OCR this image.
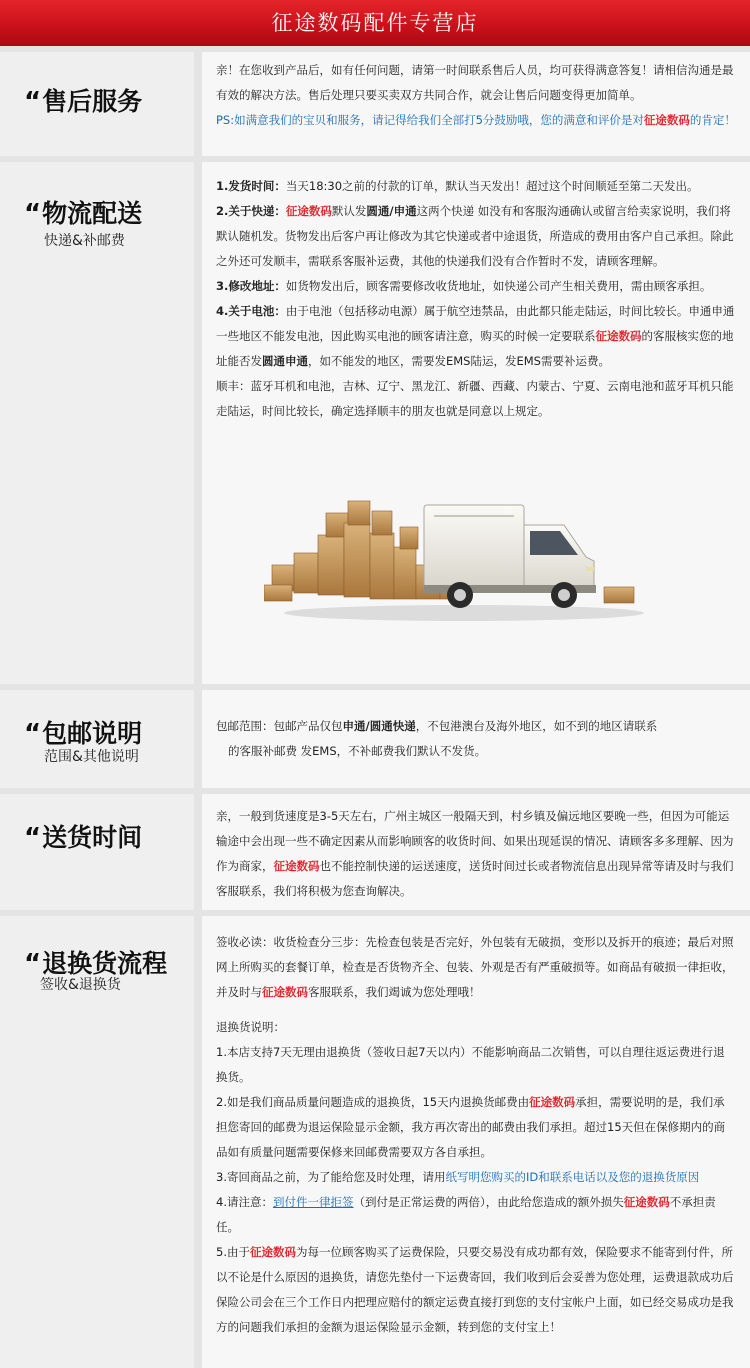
征途数码配件专营店
“售后服务

亲！在您收到产品后，如有任何问题，请第一时间联系售后人员，均可获得满意答复！请相信沟通是最有效的解决方法。售后处理只要买卖双方共同合作，就会让售后问题变得更加简单。

PS:如满意我们的宝贝和服务，请记得给我们全部打5分鼓励哦，您的满意和评价是对征途数码的肯定！

“物流配送
快递&补邮费

1.发货时间：当天18:30之前的付款的订单，默认当天发出！超过这个时间顺延至第二天发出。

2.关于快递：征途数码默认发圆通/申通这两个快递 如没有和客服沟通确认或留言给卖家说明，我们将默认随机发。货物发出后客户再让修改为其它快递或者中途退货，所造成的费用由客户自己承担。除此之外还可发顺丰，需联系客服补运费，其他的快递我们没有合作暂时不发，请顾客理解。

3.修改地址：如货物发出后，顾客需要修改收货地址，如快递公司产生相关费用，需由顾客承担。

4.关于电池：由于电池（包括移动电源）属于航空违禁品，由此都只能走陆运，时间比较长。申通申通一些地区不能发电池，因此购买电池的顾客请注意，购买的时候一定要联系征途数码的客服核实您的地址能否发圆通申通，如不能发的地区，需要发EMS陆运，发EMS需要补运费。

顺丰：蓝牙耳机和电池，吉林、辽宁、黑龙江、新疆、西藏、内蒙古、宁夏、云南电池和蓝牙耳机只能走陆运，时间比较长，确定选择顺丰的朋友也就是同意以上规定。

“包邮说明
范围&其他说明

包邮范围：包邮产品仅包申通/圆通快递，不包港澳台及海外地区，如不到的地区请联系

的客服补邮费 发EMS，不补邮费我们默认不发货。

“送货时间

亲，一般到货速度是3-5天左右，广州主城区一般隔天到，村乡镇及偏远地区要晚一些，但因为可能运输途中会出现一些不确定因素从而影响顾客的收货时间、如果出现延误的情况、请顾客多多理解、因为作为商家，征途数码也不能控制快递的运送速度，送货时间过长或者物流信息出现异常等请及时与我们客服联系，我们将积极为您查询解决。

“退换货流程
签收&退换货

签收必读：收货检查分三步：先检查包装是否完好，外包装有无破损，变形以及拆开的痕迹；最后对照网上所购买的套餐订单，检查是否货物齐全、包装、外观是否有严重破损等。如商品有破损一律拒收，并及时与征途数码客服联系，我们竭诚为您处理哦！

退换货说明：

1.本店支持7天无理由退换货（签收日起7天以内）不能影响商品二次销售，可以自理往返运费进行退换货。

2.如是我们商品质量问题造成的退换货，15天内退换货邮费由征途数码承担，需要说明的是，我们承担您寄回的邮费为退运保险显示金额，我方再次寄出的邮费由我们承担。超过15天但在保修期内的商品如有质量问题需要保修来回邮费需要双方各自承担。

3.寄回商品之前，为了能给您及时处理，请用纸写明您购买的ID和联系电话以及您的退换货原因

4.请注意：到付件一律拒签（到付是正常运费的两倍），由此给您造成的额外损失征途数码不承担责任。

5.由于征途数码为每一位顾客购买了运费保险，只要交易没有成功都有效，保险要求不能寄到付件，所以不论是什么原因的退换货，请您先垫付一下运费寄回，我们收到后会妥善为您处理，运费退款成功后保险公司会在三个工作日内把理应赔付的额定运费直接打到您的支付宝帐户上面，如已经交易成功是我方的问题我们承担的金额为退运保险显示金额，转到您的支付宝上！
